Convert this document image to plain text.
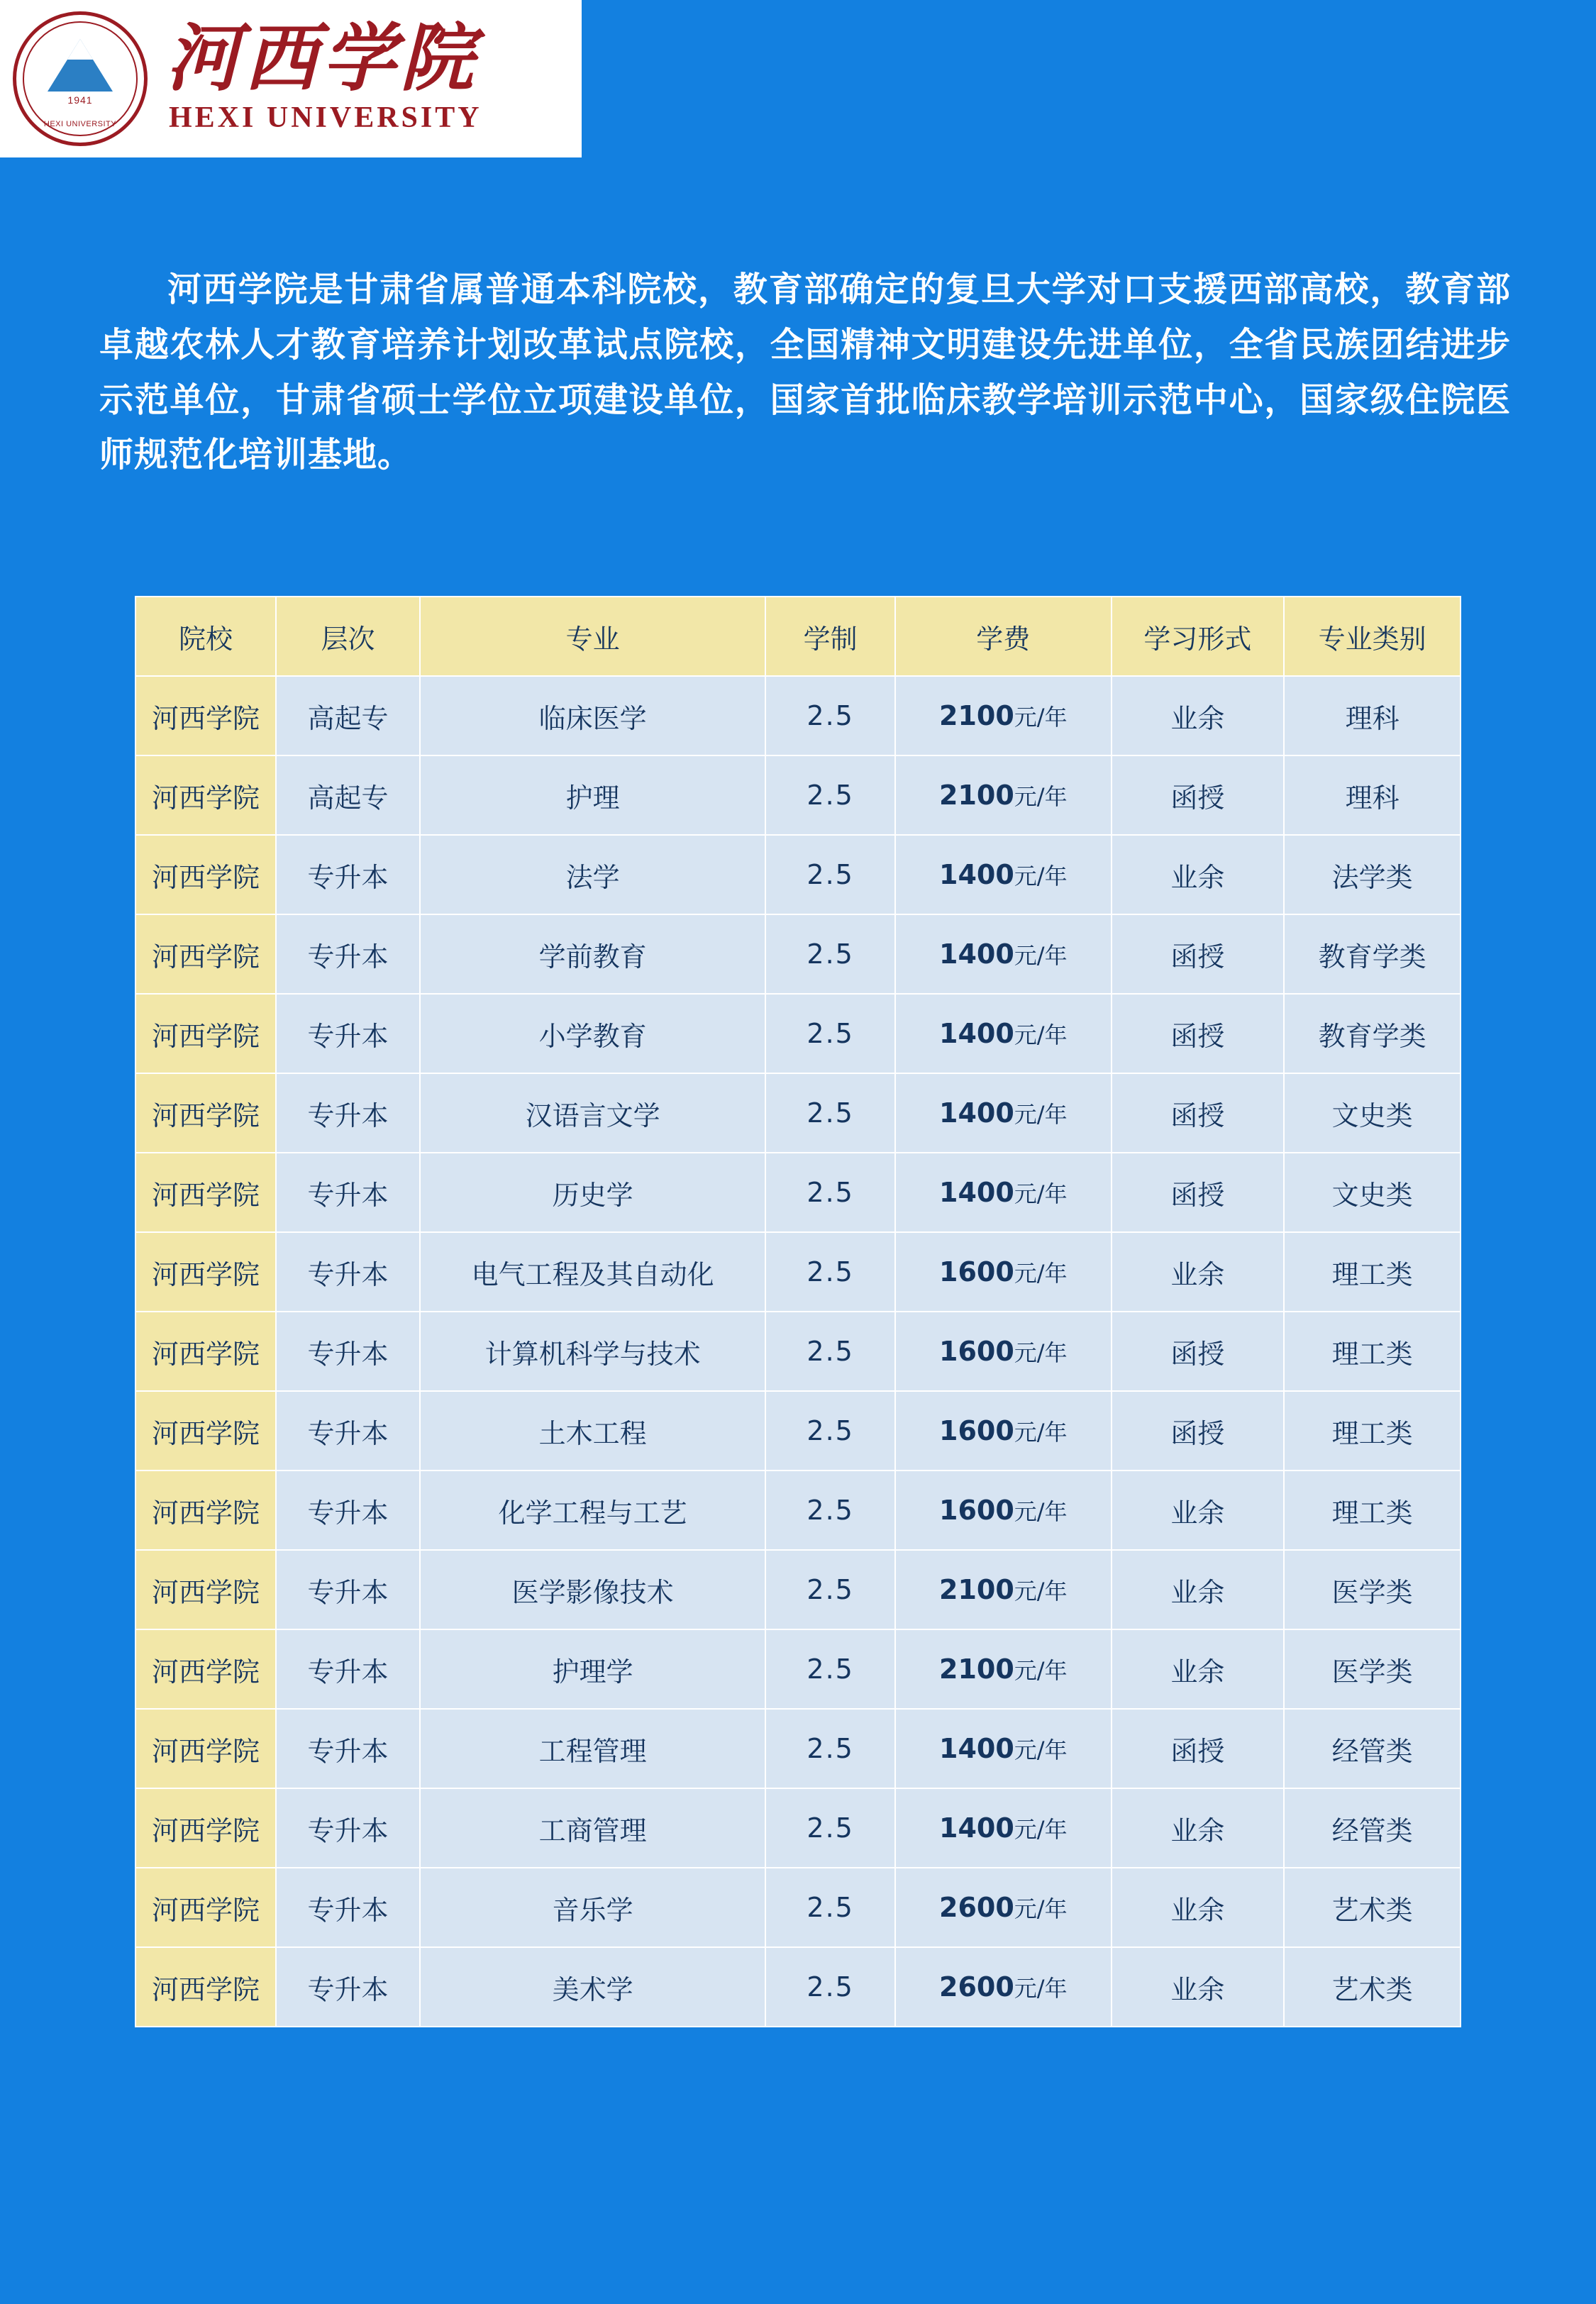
1941
HEXI UNIVERSITY
河西学院
HEXI UNIVERSITY
河西学院是甘肃省属普通本科院校，教育部确定的复旦大学对口支援西部高校，教育部卓越农林人才教育培养计划改革试点院校，全国精神文明建设先进单位，全省民族团结进步示范单位，甘肃省硕士学位立项建设单位，国家首批临床教学培训示范中心，国家级住院医师规范化培训基地。
院校	层次	专业	学制	学费	学习形式	专业类别
河西学院	高起专	临床医学	2.5	2100元/年	业余	理科
河西学院	高起专	护理	2.5	2100元/年	函授	理科
河西学院	专升本	法学	2.5	1400元/年	业余	法学类
河西学院	专升本	学前教育	2.5	1400元/年	函授	教育学类
河西学院	专升本	小学教育	2.5	1400元/年	函授	教育学类
河西学院	专升本	汉语言文学	2.5	1400元/年	函授	文史类
河西学院	专升本	历史学	2.5	1400元/年	函授	文史类
河西学院	专升本	电气工程及其自动化	2.5	1600元/年	业余	理工类
河西学院	专升本	计算机科学与技术	2.5	1600元/年	函授	理工类
河西学院	专升本	土木工程	2.5	1600元/年	函授	理工类
河西学院	专升本	化学工程与工艺	2.5	1600元/年	业余	理工类
河西学院	专升本	医学影像技术	2.5	2100元/年	业余	医学类
河西学院	专升本	护理学	2.5	2100元/年	业余	医学类
河西学院	专升本	工程管理	2.5	1400元/年	函授	经管类
河西学院	专升本	工商管理	2.5	1400元/年	业余	经管类
河西学院	专升本	音乐学	2.5	2600元/年	业余	艺术类
河西学院	专升本	美术学	2.5	2600元/年	业余	艺术类
